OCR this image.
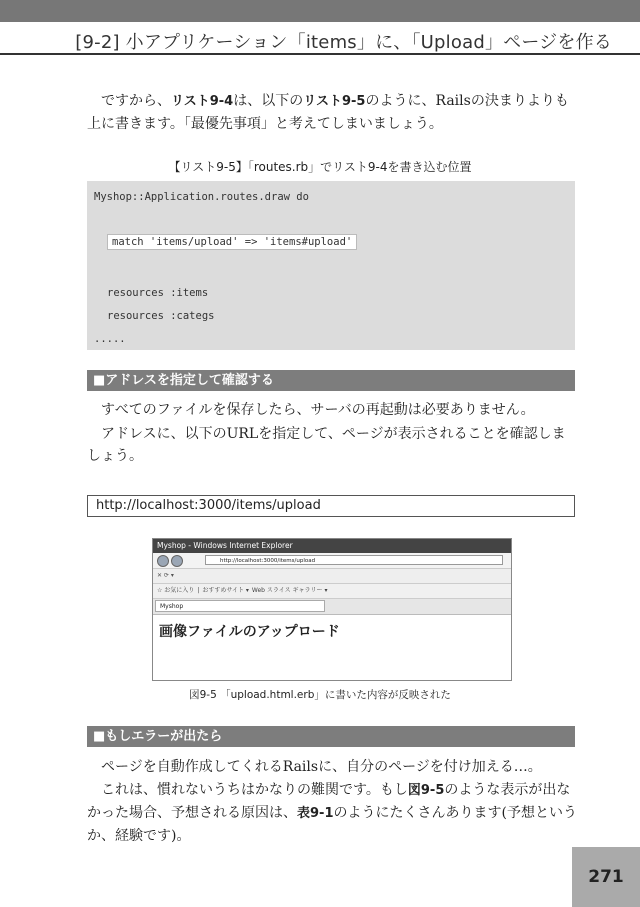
[9-2] 小アプリケーション「items」に、「Upload」ページを作る

 ですから、リスト9-4は、以下のリスト9-5のように、Railsの決まりよりも上に書きます。「最優先事項」と考えてしまいましょう。

【リスト9-5】「routes.rb」でリスト9-4を書き込む位置
Myshop::Application.routes.draw do
match 'items/upload' => 'items#upload'
resources :items
resources :categs
.....
■アドレスを指定して確認する

 すべてのファイルを保存したら、サーバの再起動は必要ありません。

 アドレスに、以下のURLを指定して、ページが表示されることを確認しましょう。

http://localhost:3000/items/upload
Myshop - Windows Internet Explorer
http://localhost:3000/items/upload
✕ ⟳ ▾
☆ お気に入り | おすすめサイト ▾ Web スライス ギャラリー ▾
Myshop
画像ファイルのアップロード
図9-5 「upload.html.erb」に書いた内容が反映された
■もしエラーが出たら

 ページを自動作成してくれるRailsに、自分のページを付け加える…。

 これは、慣れないうちはかなりの難関です。もし図9-5のような表示が出なかった場合、予想される原因は、表9-1のようにたくさんあります(予想というか、経験です)。

271
